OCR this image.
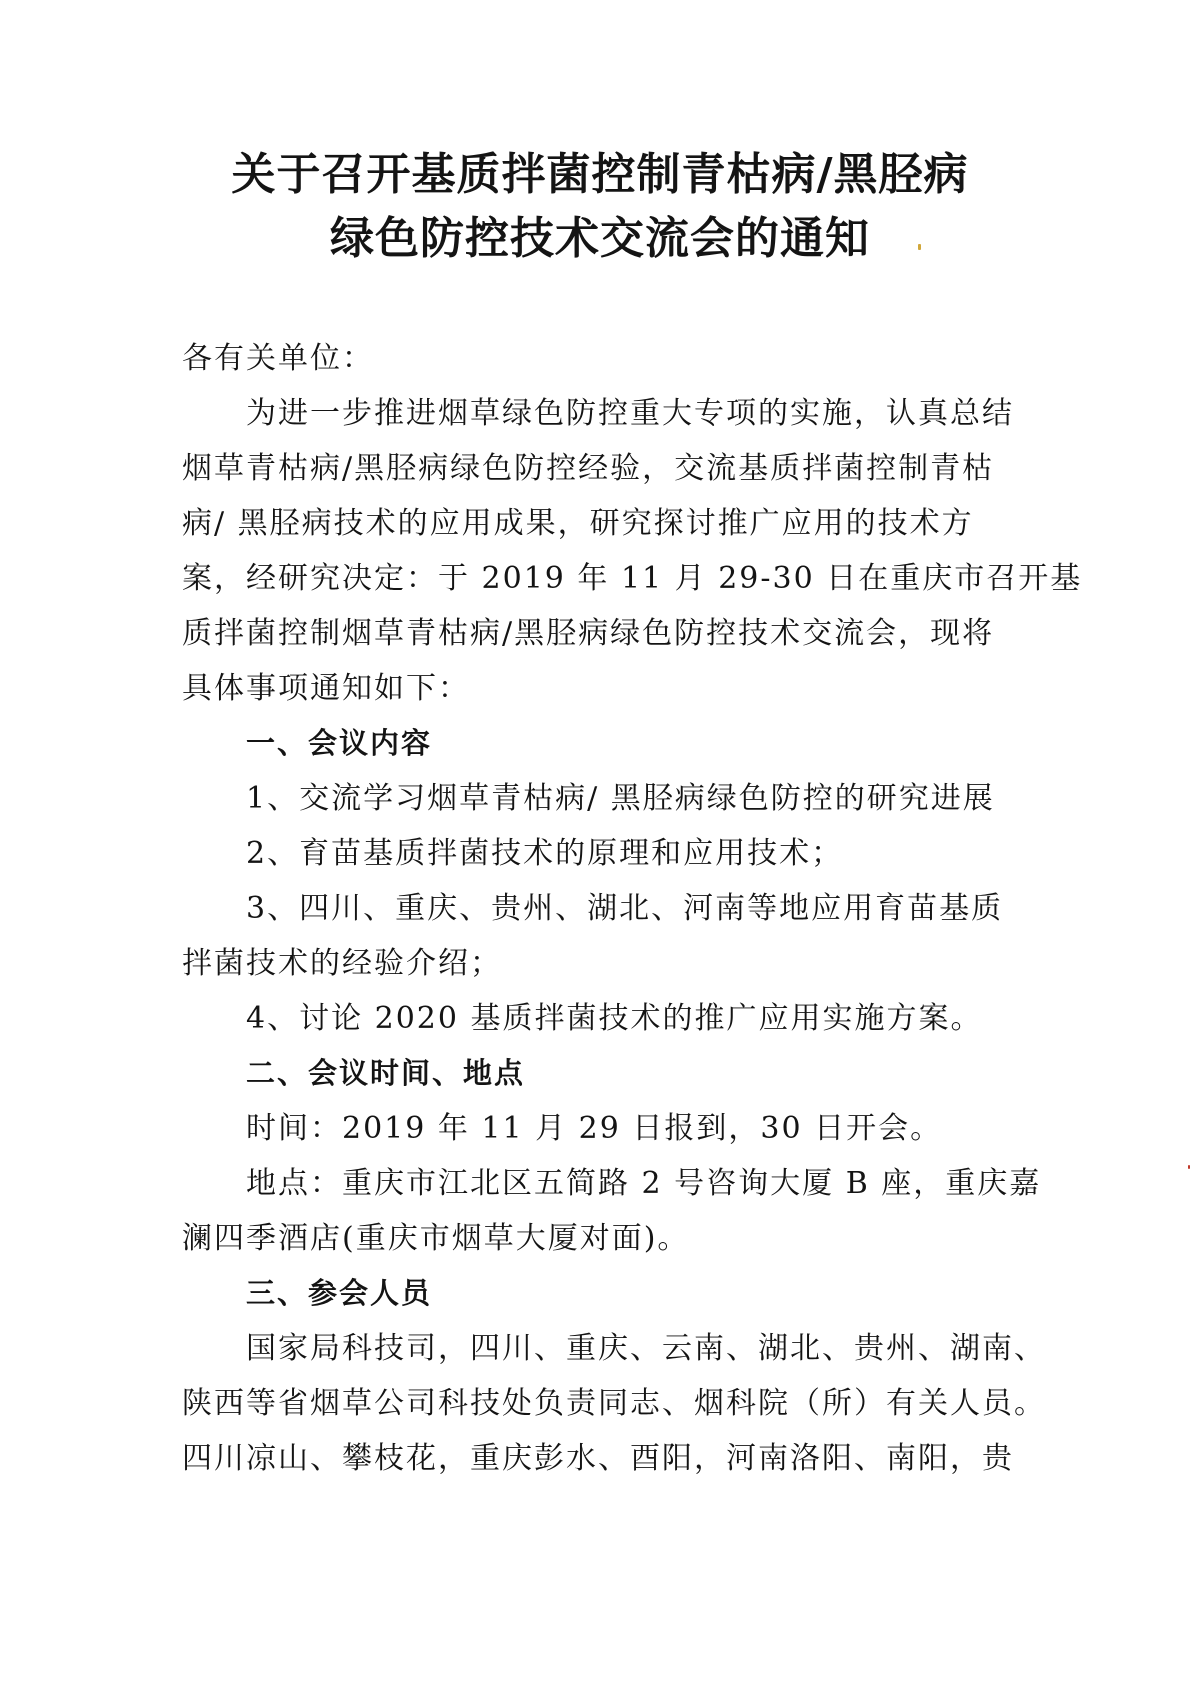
关于召开基质拌菌控制青枯病/黑胫病
绿色防控技术交流会的通知

各有关单位：

为进一步推进烟草绿色防控重大专项的实施，认真总结

烟草青枯病/黑胫病绿色防控经验，交流基质拌菌控制青枯

病/ 黑胫病技术的应用成果，研究探讨推广应用的技术方

案，经研究决定：于 2019 年 11 月 29-30 日在重庆市召开基

质拌菌控制烟草青枯病/黑胫病绿色防控技术交流会，现将

具体事项通知如下：

一、会议内容

1、交流学习烟草青枯病/ 黑胫病绿色防控的研究进展

2、育苗基质拌菌技术的原理和应用技术；

3、四川、重庆、贵州、湖北、河南等地应用育苗基质

拌菌技术的经验介绍；

4、讨论 2020 基质拌菌技术的推广应用实施方案。

二、会议时间、地点

时间：2019 年 11 月 29 日报到，30 日开会。

地点：重庆市江北区五简路 2 号咨询大厦 B 座，重庆嘉

澜四季酒店(重庆市烟草大厦对面)。

三、参会人员

国家局科技司，四川、重庆、云南、湖北、贵州、湖南、

陕西等省烟草公司科技处负责同志、烟科院（所）有关人员。

四川凉山、攀枝花，重庆彭水、酉阳，河南洛阳、南阳，贵
